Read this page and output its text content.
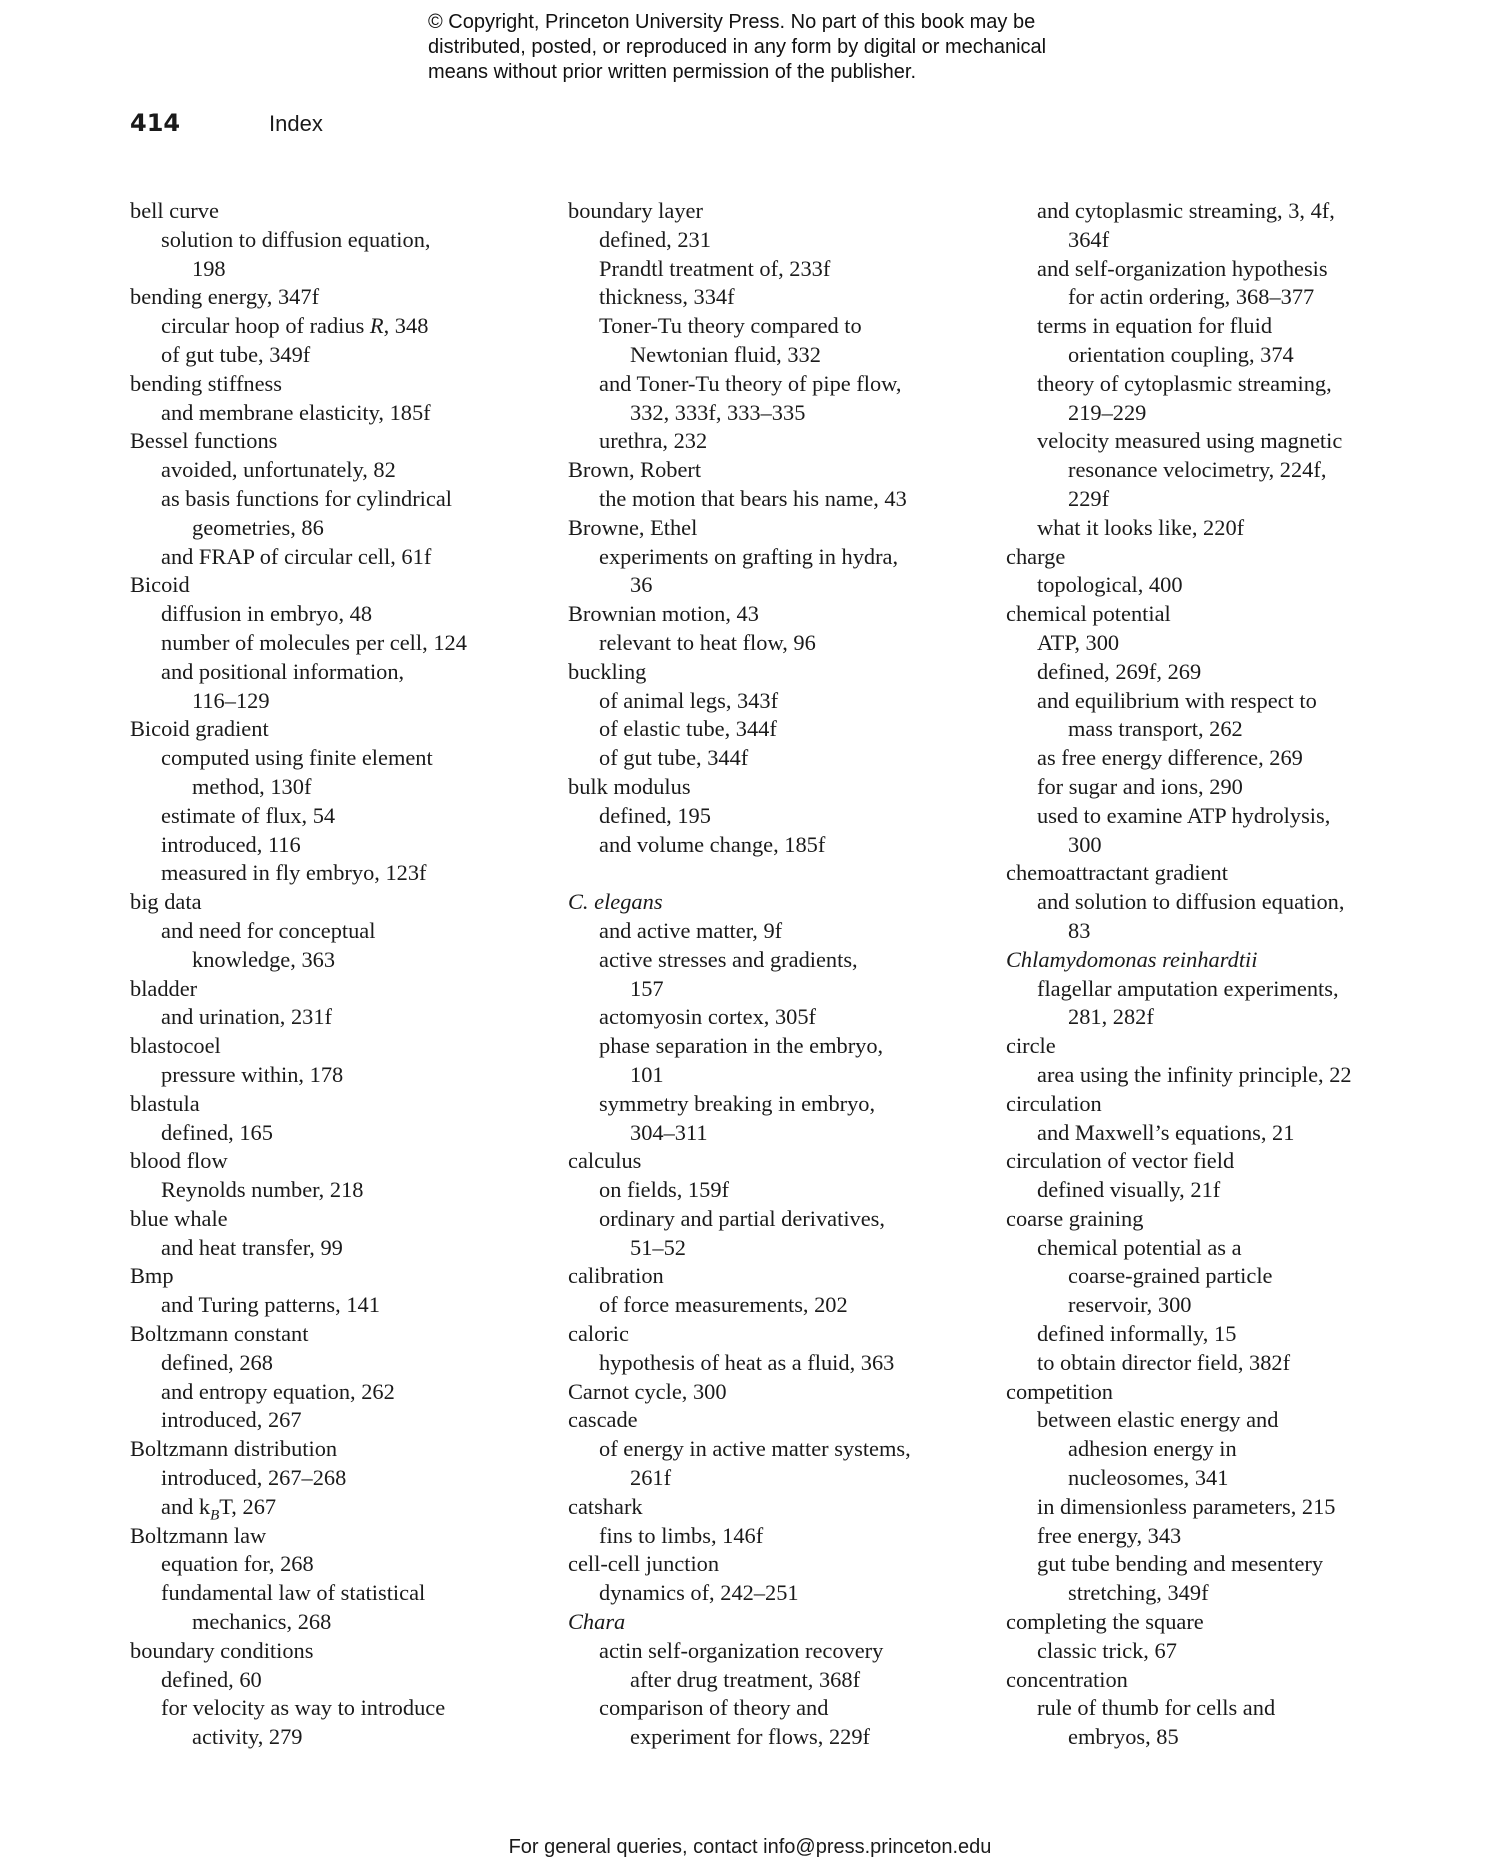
© Copyright, Princeton University Press. No part of this book may be
distributed, posted, or reproduced in any form by digital or mechanical
means without prior written permission of the publisher.
414	Index
bell curve
solution to diffusion equation,
198
bending energy, 347f
circular hoop of radius R, 348
of gut tube, 349f
bending stiffness
and membrane elasticity, 185f
Bessel functions
avoided, unfortunately, 82
as basis functions for cylindrical
geometries, 86
and FRAP of circular cell, 61f
Bicoid
diffusion in embryo, 48
number of molecules per cell, 124
and positional information,
116–129
Bicoid gradient
computed using finite element
method, 130f
estimate of flux, 54
introduced, 116
measured in fly embryo, 123f
big data
and need for conceptual
knowledge, 363
bladder
and urination, 231f
blastocoel
pressure within, 178
blastula
defined, 165
blood flow
Reynolds number, 218
blue whale
and heat transfer, 99
Bmp
and Turing patterns, 141
Boltzmann constant
defined, 268
and entropy equation, 262
introduced, 267
Boltzmann distribution
introduced, 267–268
and $k_BT$, 267
Boltzmann law
equation for, 268
fundamental law of statistical
mechanics, 268
boundary conditions
defined, 60
for velocity as way to introduce
activity, 279
boundary layer
defined, 231
Prandtl treatment of, 233f
thickness, 334f
Toner-Tu theory compared to
Newtonian fluid, 332
and Toner-Tu theory of pipe flow,
332, 333f, 333–335
urethra, 232
Brown, Robert
the motion that bears his name, 43
Browne, Ethel
experiments on grafting in hydra,
36
Brownian motion, 43
relevant to heat flow, 96
buckling
of animal legs, 343f
of elastic tube, 344f
of gut tube, 344f
bulk modulus
defined, 195
and volume change, 185f
C. elegans
and active matter, 9f
active stresses and gradients,
157
actomyosin cortex, 305f
phase separation in the embryo,
101
symmetry breaking in embryo,
304–311
calculus
on fields, 159f
ordinary and partial derivatives,
51–52
calibration
of force measurements, 202
caloric
hypothesis of heat as a fluid, 363
Carnot cycle, 300
cascade
of energy in active matter systems,
261f
catshark
fins to limbs, 146f
cell-cell junction
dynamics of, 242–251
Chara
actin self-organization recovery
after drug treatment, 368f
comparison of theory and
experiment for flows, 229f
and cytoplasmic streaming, 3, 4f,
364f
and self-organization hypothesis
for actin ordering, 368–377
terms in equation for fluid
orientation coupling, 374
theory of cytoplasmic streaming,
219–229
velocity measured using magnetic
resonance velocimetry, 224f,
229f
what it looks like, 220f
charge
topological, 400
chemical potential
ATP, 300
defined, 269f, 269
and equilibrium with respect to
mass transport, 262
as free energy difference, 269
for sugar and ions, 290
used to examine ATP hydrolysis,
300
chemoattractant gradient
and solution to diffusion equation,
83
Chlamydomonas reinhardtii
flagellar amputation experiments,
281, 282f
circle
area using the infinity principle, 22
circulation
and Maxwell’s equations, 21
circulation of vector field
defined visually, 21f
coarse graining
chemical potential as a
coarse-grained particle
reservoir, 300
defined informally, 15
to obtain director field, 382f
competition
between elastic energy and
adhesion energy in
nucleosomes, 341
in dimensionless parameters, 215
free energy, 343
gut tube bending and mesentery
stretching, 349f
completing the square
classic trick, 67
concentration
rule of thumb for cells and
embryos, 85
For general queries, contact info@press.princeton.edu
